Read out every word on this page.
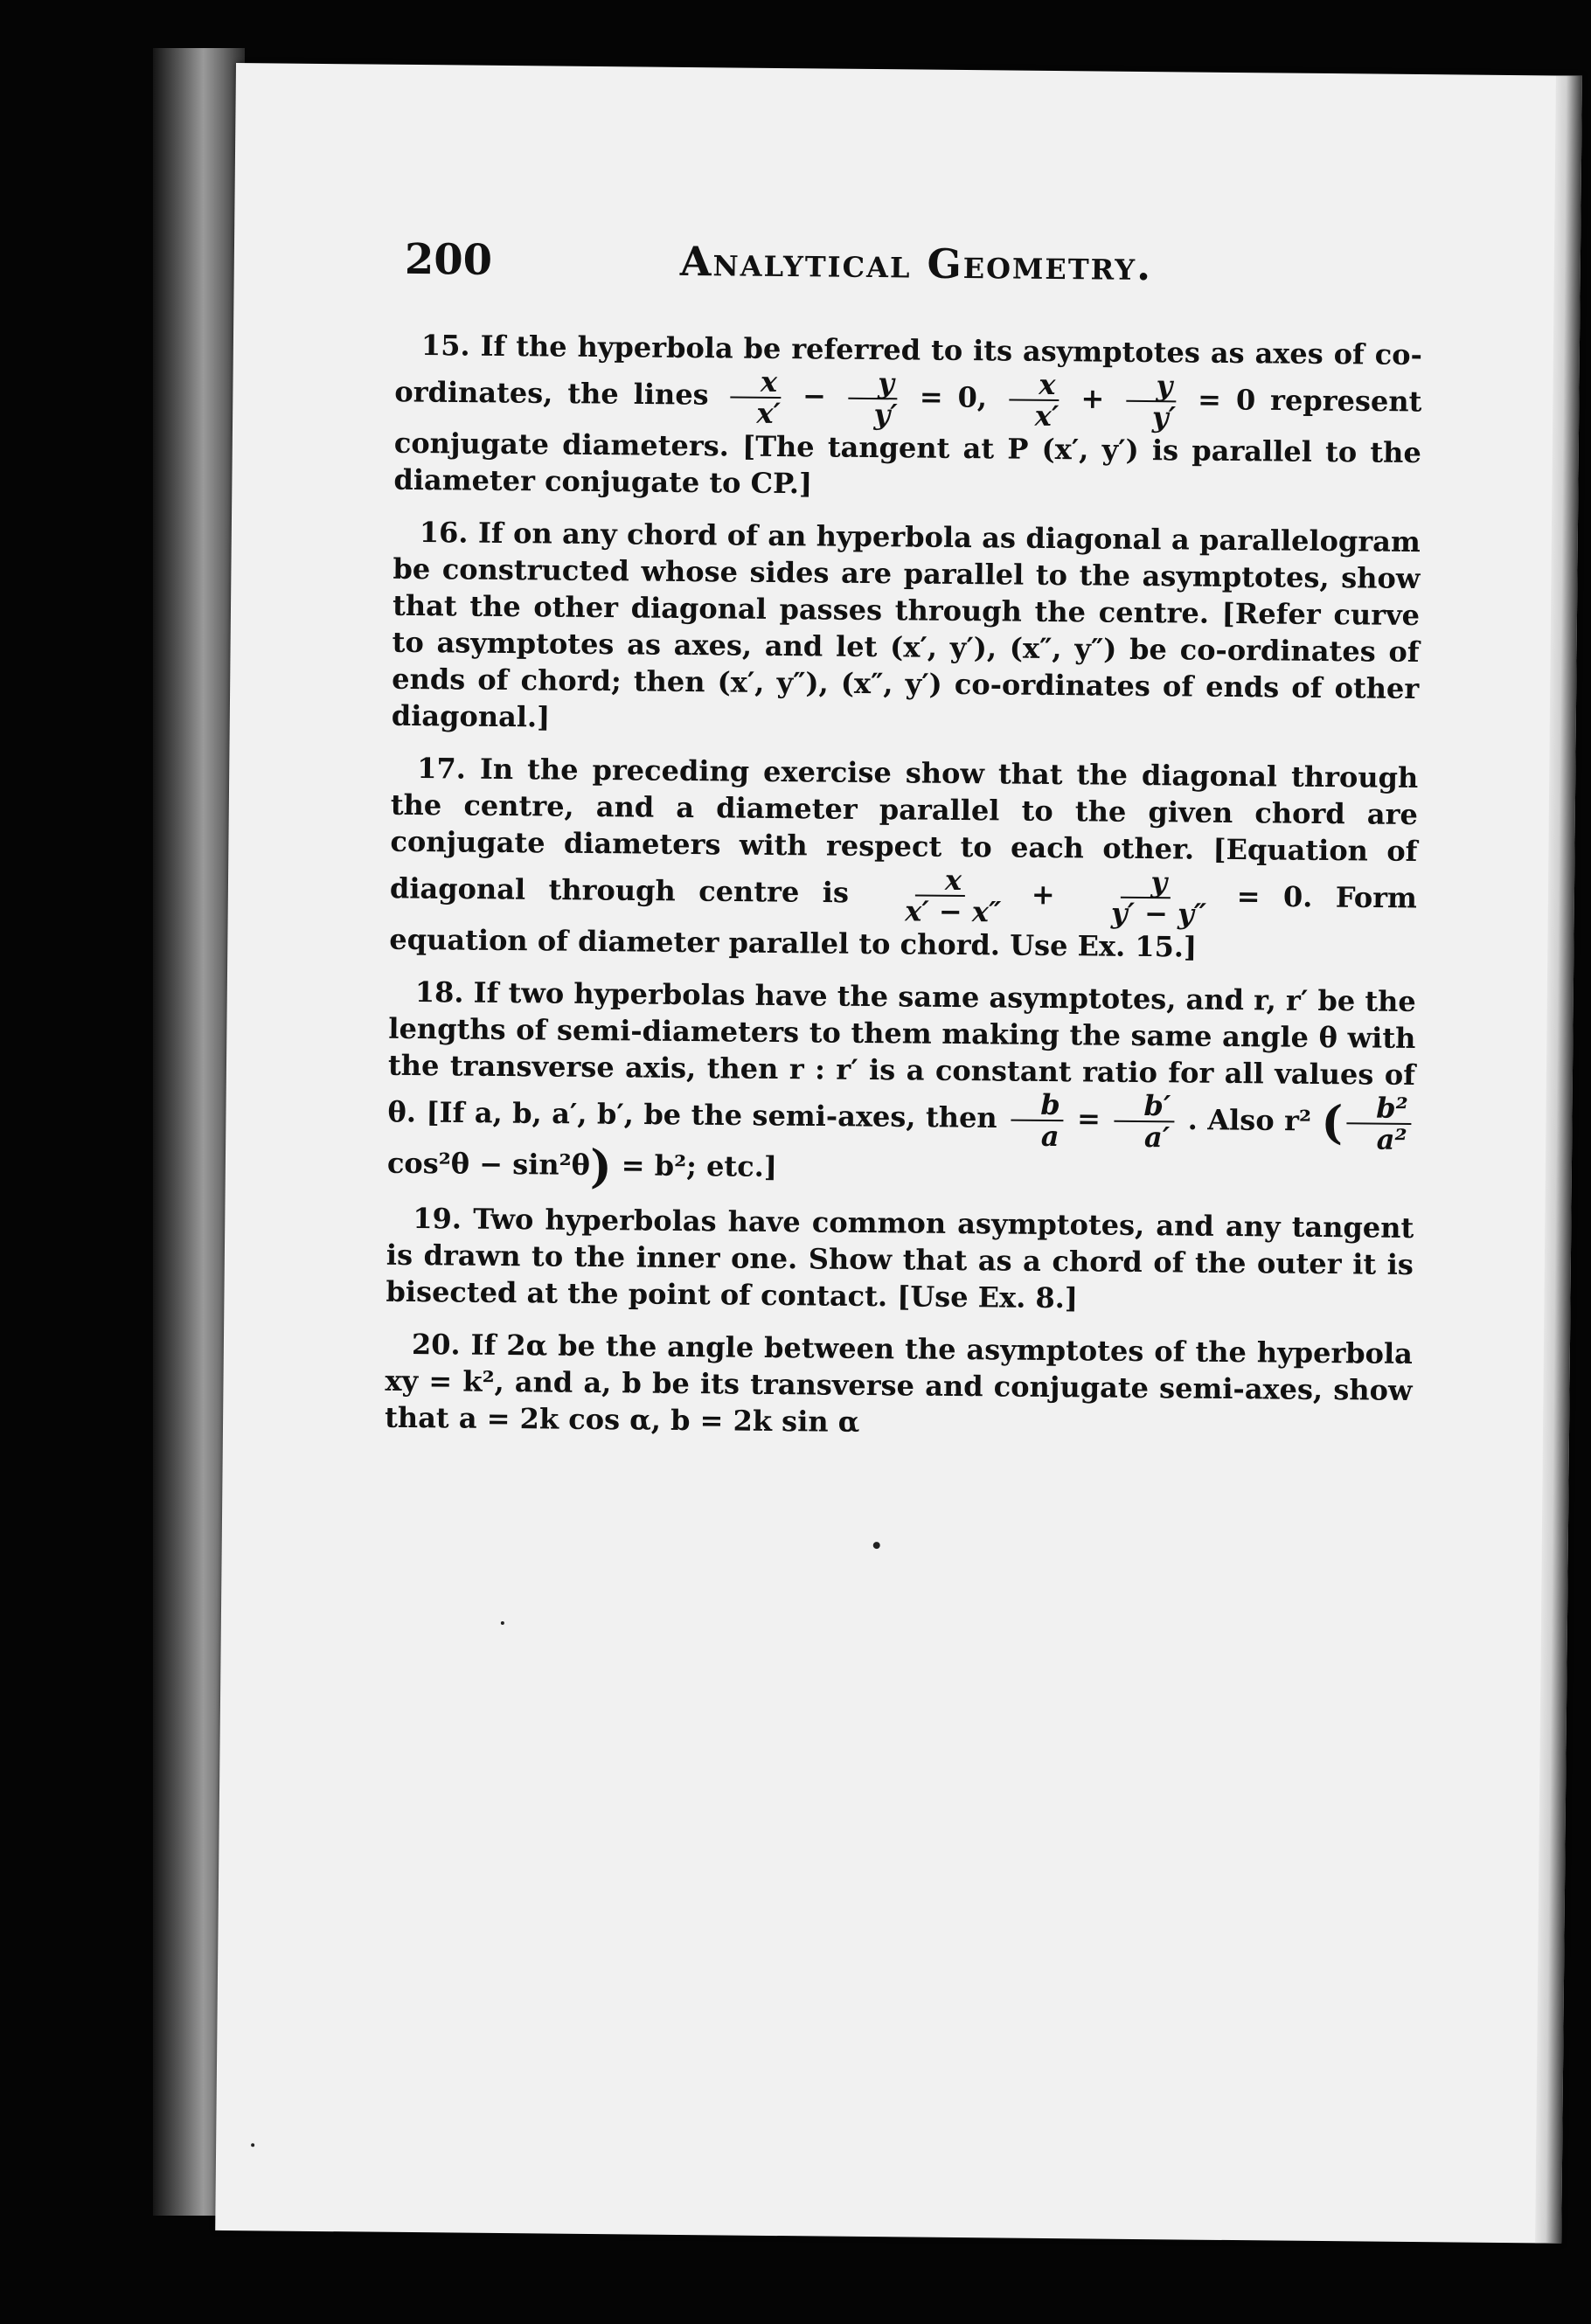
200	Analytical Geometry.
15. If the hyperbola be referred to its asymptotes as axes of co-ordinates, the lines $\frac{x}{x'} - \frac{y}{y'} = 0$, $\frac{x}{x'} + \frac{y}{y'} = 0$ represent conjugate diameters. [The tangent at P (x′, y′) is parallel to the diameter conjugate to CP.]
16. If on any chord of an hyperbola as diagonal a parallelogram be constructed whose sides are parallel to the asymptotes, show that the other diagonal passes through the centre. [Refer curve to asymptotes as axes, and let (x′, y′), (x″, y″) be co-ordinates of ends of chord; then (x′, y″), (x″, y′) co-ordinates of ends of other diagonal.]
17. In the preceding exercise show that the diagonal through the centre, and a diameter parallel to the given chord are conjugate diameters with respect to each other. [Equation of diagonal through centre is $\frac{x}{x' - x''} + \frac{y}{y' - y''} = 0$. Form equation of diameter parallel to chord. Use Ex. 15.]
18. If two hyperbolas have the same asymptotes, and r, r′ be the lengths of semi-diameters to them making the same angle θ with the transverse axis, then r : r′ is a constant ratio for all values of θ. [If a, b, a′, b′, be the semi-axes, then $\frac{b}{a} = \frac{b'}{a'}$ . Also r² ( $\frac{\text{b²}}{\text{a²}}$
cos²θ − sin²θ) = b²; etc.]
19. Two hyperbolas have common asymptotes, and any tangent is drawn to the inner one. Show that as a chord of the outer it is bisected at the point of contact. [Use Ex. 8.]
20. If 2α be the angle between the asymptotes of the hyperbola xy = k², and a, b be its transverse and conjugate semi-axes, show that a = 2k cos α, b = 2k sin α
